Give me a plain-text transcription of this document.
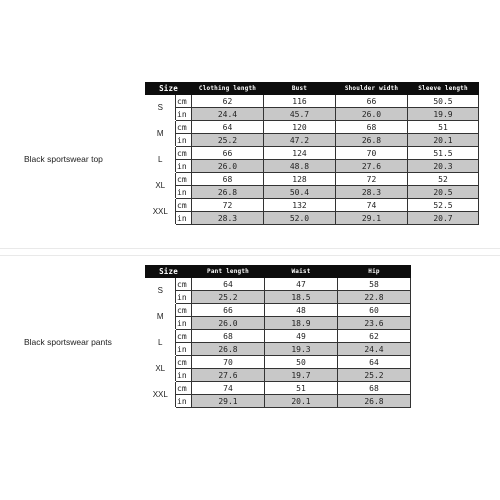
Black sportswear top
Black sportswear pants
Size		Clothing length	Bust	Shoulder width	Sleeve length
S	cm	62	116	66	50.5
	in	24.4	45.7	26.0	19.9
M	cm	64	120	68	51
	in	25.2	47.2	26.8	20.1
L	cm	66	124	70	51.5
	in	26.0	48.8	27.6	20.3
XL	cm	68	128	72	52
	in	26.8	50.4	28.3	20.5
XXL	cm	72	132	74	52.5
	in	28.3	52.0	29.1	20.7
Size		Pant length	Waist	Hip
S	cm	64	47	58
	in	25.2	18.5	22.8
M	cm	66	48	60
	in	26.0	18.9	23.6
L	cm	68	49	62
	in	26.8	19.3	24.4
XL	cm	70	50	64
	in	27.6	19.7	25.2
XXL	cm	74	51	68
	in	29.1	20.1	26.8
